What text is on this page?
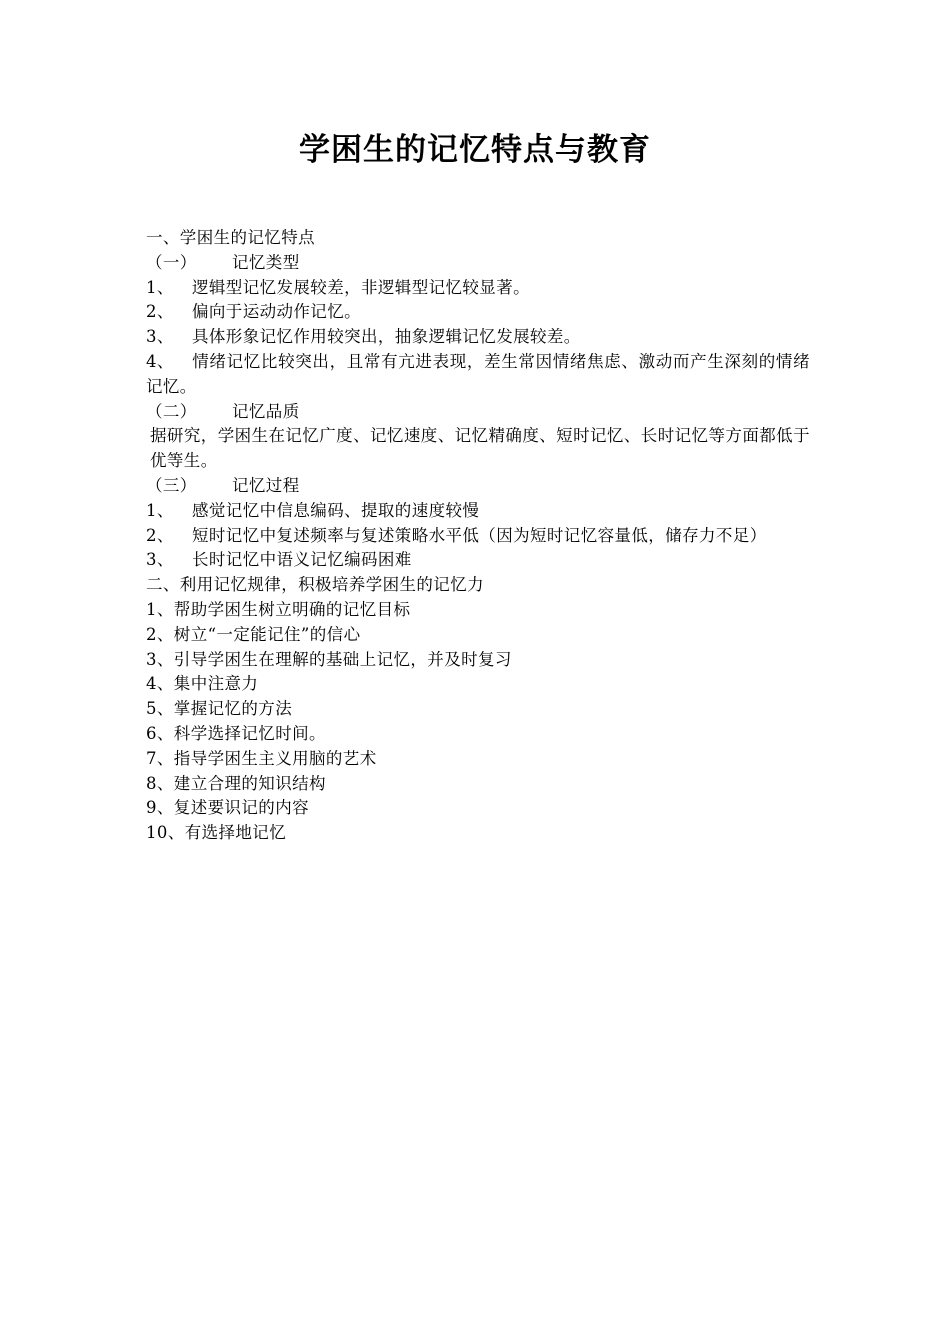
学困生的记忆特点与教育
一、学困生的记忆特点
（一） 记忆类型
1、 逻辑型记忆发展较差，非逻辑型记忆较显著。
2、 偏向于运动动作记忆。
3、 具体形象记忆作用较突出，抽象逻辑记忆发展较差。
4、 情绪记忆比较突出，且常有亢进表现，差生常因情绪焦虑、激动而产生深刻的情绪记忆。
（二） 记忆品质
据研究，学困生在记忆广度、记忆速度、记忆精确度、短时记忆、长时记忆等方面都低于优等生。
（三） 记忆过程
1、 感觉记忆中信息编码、提取的速度较慢
2、 短时记忆中复述频率与复述策略水平低（因为短时记忆容量低，储存力不足）
3、 长时记忆中语义记忆编码困难
二、利用记忆规律，积极培养学困生的记忆力
1、帮助学困生树立明确的记忆目标
2、树立“一定能记住”的信心
3、引导学困生在理解的基础上记忆，并及时复习
4、集中注意力
5、掌握记忆的方法
6、科学选择记忆时间。
7、指导学困生主义用脑的艺术
8、建立合理的知识结构
9、复述要识记的内容
10、有选择地记忆
